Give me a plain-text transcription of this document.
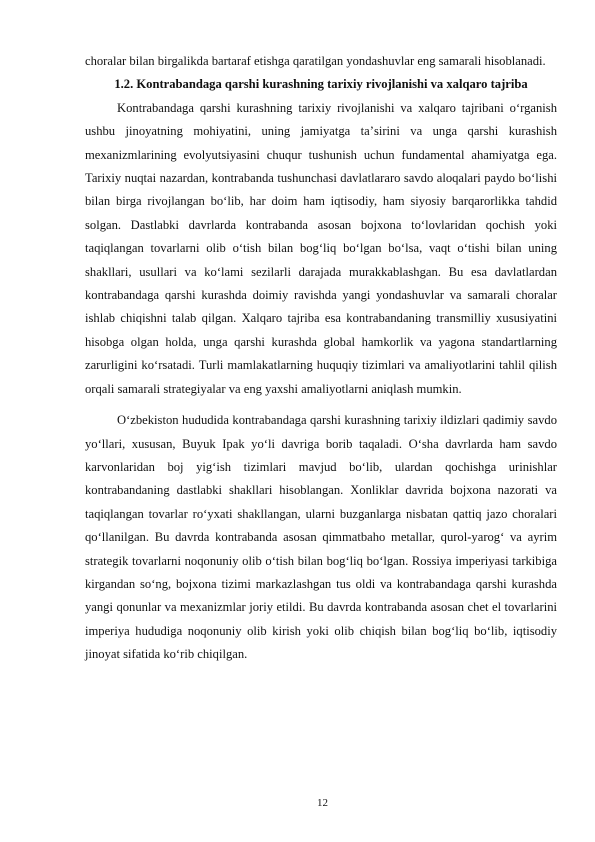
choralar bilan birgalikda bartaraf etishga qaratilgan yondashuvlar eng samarali hisoblanadi.

1.2. Kontrabandaga qarshi kurashning tarixiy rivojlanishi va xalqaro tajriba

Kontrabandaga qarshi kurashning tarixiy rivojlanishi va xalqaro tajribani oʻrganish ushbu jinoyatning mohiyatini, uning jamiyatga taʼsirini va unga qarshi kurashish mexanizmlarining evolyutsiyasini chuqur tushunish uchun fundamental ahamiyatga ega. Tarixiy nuqtai nazardan, kontrabanda tushunchasi davlatlararo savdo aloqalari paydo boʻlishi bilan birga rivojlangan boʻlib, har doim ham iqtisodiy, ham siyosiy barqarorlikka tahdid solgan. Dastlabki davrlarda kontrabanda asosan bojxona toʻlovlaridan qochish yoki taqiqlangan tovarlarni olib oʻtish bilan bogʻliq boʻlgan boʻlsa, vaqt oʻtishi bilan uning shakllari, usullari va koʻlami sezilarli darajada murakkablashgan. Bu esa davlatlardan kontrabandaga qarshi kurashda doimiy ravishda yangi yondashuvlar va samarali choralar ishlab chiqishni talab qilgan. Xalqaro tajriba esa kontrabandaning transmilliy xususiyatini hisobga olgan holda, unga qarshi kurashda global hamkorlik va yagona standartlarning zarurligini koʻrsatadi. Turli mamlakatlarning huquqiy tizimlari va amaliyotlarini tahlil qilish orqali samarali strategiyalar va eng yaxshi amaliyotlarni aniqlash mumkin.

Oʻzbekiston hududida kontrabandaga qarshi kurashning tarixiy ildizlari qadimiy savdo yoʻllari, xususan, Buyuk Ipak yoʻli davriga borib taqaladi. Oʻsha davrlarda ham savdo karvonlaridan boj yigʻish tizimlari mavjud boʻlib, ulardan qochishga urinishlar kontrabandaning dastlabki shakllari hisoblangan. Xonliklar davrida bojxona nazorati va taqiqlangan tovarlar roʻyxati shakllangan, ularni buzganlarga nisbatan qattiq jazo choralari qoʻllanilgan. Bu davrda kontrabanda asosan qimmatbaho metallar, qurol-yarogʻ va ayrim strategik tovarlarni noqonuniy olib oʻtish bilan bogʻliq boʻlgan. Rossiya imperiyasi tarkibiga kirgandan soʻng, bojxona tizimi markazlashgan tus oldi va kontrabandaga qarshi kurashda yangi qonunlar va mexanizmlar joriy etildi. Bu davrda kontrabanda asosan chet el tovarlarini imperiya hududiga noqonuniy olib kirish yoki olib chiqish bilan bogʻliq boʻlib, iqtisodiy jinoyat sifatida koʻrib chiqilgan.

12
